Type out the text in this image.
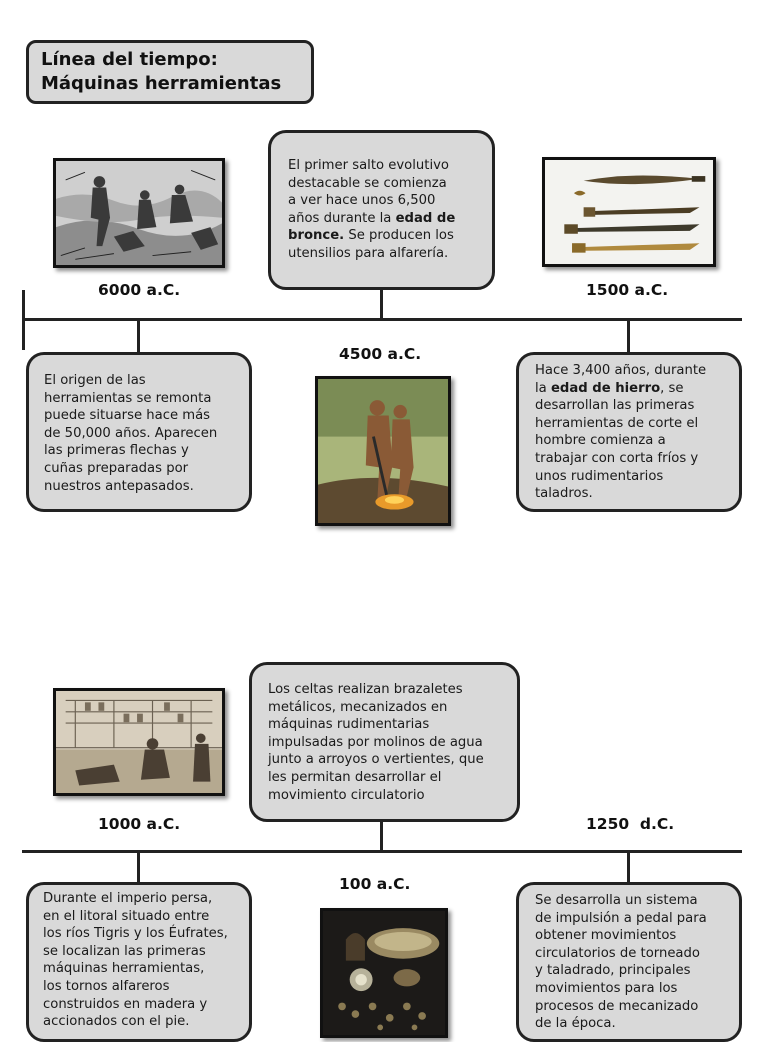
Línea del tiempo:
Máquinas herramientas
El primer salto evolutivo
destacable se comienza
a ver hace unos 6,500
años durante la edad de
bronce. Se producen los
utensilios para alfarería.
6000 a.C.	1500 a.C.
4500 a.C.
El origen de las
herramientas se remonta
puede situarse hace más
de 50,000 años. Aparecen
las primeras flechas y
cuñas preparadas por
nuestros antepasados.
Hace 3,400 años, durante
la edad de hierro, se
desarrollan las primeras
herramientas de corte el
hombre comienza a
trabajar con corta fríos y
unos rudimentarios
taladros.
Los celtas realizan brazaletes
metálicos, mecanizados en
máquinas rudimentarias
impulsadas por molinos de agua
junto a arroyos o vertientes, que
les permitan desarrollar el
movimiento circulatorio
1000 a.C.	1250  d.C.
100 a.C.
Durante el imperio persa,
en el litoral situado entre
los ríos Tigris y los Éufrates,
se localizan las primeras
máquinas herramientas,
los tornos alfareros
construidos en madera y
accionados con el pie.
Se desarrolla un sistema
de impulsión a pedal para
obtener movimientos
circulatorios de torneado
y taladrado, principales
movimientos para los
procesos de mecanizado
de la época.
